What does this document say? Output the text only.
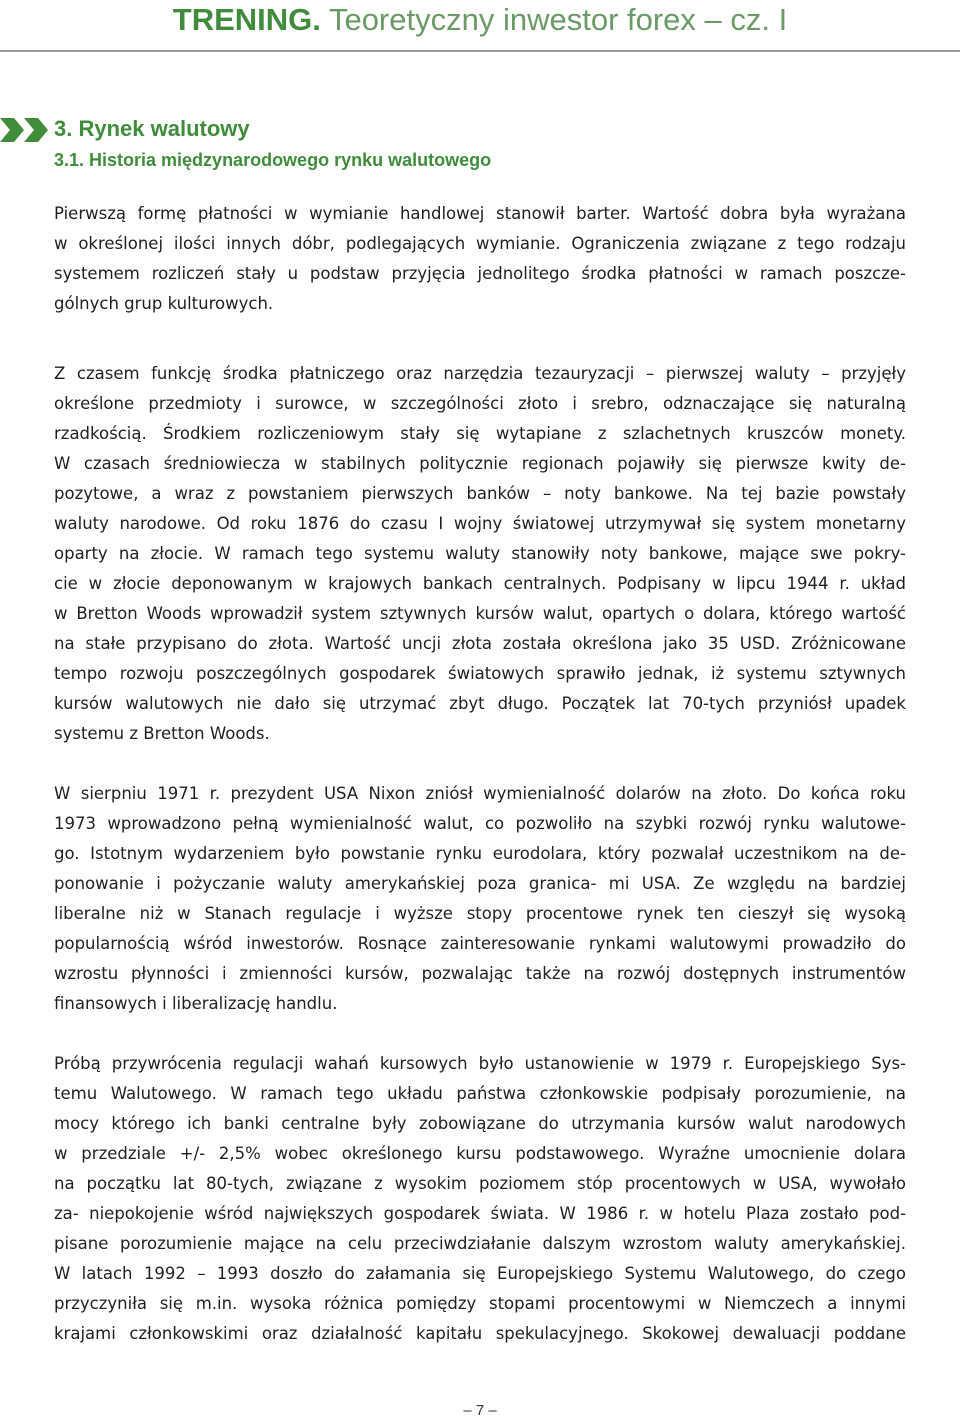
TRENING. Teoretyczny inwestor forex – cz. I
3. Rynek walutowy
3.1. Historia międzynarodowego rynku walutowego
Pierwszą formę płatności w wymianie handlowej stanowił barter. Wartość dobra była wyrażana
w określonej ilości innych dóbr, podlegających wymianie. Ograniczenia związane z tego rodzaju
systemem rozliczeń stały u podstaw przyjęcia jednolitego środka płatności w ramach poszcze-
gólnych grup kulturowych.
Z czasem funkcję środka płatniczego oraz narzędzia tezauryzacji – pierwszej waluty – przyjęły
określone przedmioty i surowce, w szczególności złoto i srebro, odznaczające się naturalną
rzadkością. Środkiem rozliczeniowym stały się wytapiane z szlachetnych kruszców monety.
W czasach średniowiecza w stabilnych politycznie regionach pojawiły się pierwsze kwity de-
pozytowe, a wraz z powstaniem pierwszych banków – noty bankowe. Na tej bazie powstały
waluty narodowe. Od roku 1876 do czasu I wojny światowej utrzymywał się system monetarny
oparty na złocie. W ramach tego systemu waluty stanowiły noty bankowe, mające swe pokry-
cie w złocie deponowanym w krajowych bankach centralnych. Podpisany w lipcu 1944 r. układ
w Bretton Woods wprowadził system sztywnych kursów walut, opartych o dolara, którego wartość
na stałe przypisano do złota. Wartość uncji złota została określona jako 35 USD. Zróżnicowane
tempo rozwoju poszczególnych gospodarek światowych sprawiło jednak, iż systemu sztywnych
kursów walutowych nie dało się utrzymać zbyt długo. Początek lat 70-tych przyniósł upadek
systemu z Bretton Woods.
W sierpniu 1971 r. prezydent USA Nixon zniósł wymienialność dolarów na złoto. Do końca roku
1973 wprowadzono pełną wymienialność walut, co pozwoliło na szybki rozwój rynku walutowe-
go. Istotnym wydarzeniem było powstanie rynku eurodolara, który pozwalał uczestnikom na de-
ponowanie i pożyczanie waluty amerykańskiej poza granica- mi USA. Ze względu na bardziej
liberalne niż w Stanach regulacje i wyższe stopy procentowe rynek ten cieszył się wysoką
popularnością wśród inwestorów. Rosnące zainteresowanie rynkami walutowymi prowadziło do
wzrostu płynności i zmienności kursów, pozwalając także na rozwój dostępnych instrumentów
finansowych i liberalizację handlu.
Próbą przywrócenia regulacji wahań kursowych było ustanowienie w 1979 r. Europejskiego Sys-
temu Walutowego. W ramach tego układu państwa członkowskie podpisały porozumienie, na
mocy którego ich banki centralne były zobowiązane do utrzymania kursów walut narodowych
w przedziale +/- 2,5% wobec określonego kursu podstawowego. Wyraźne umocnienie dolara
na początku lat 80-tych, związane z wysokim poziomem stóp procentowych w USA, wywołało
za- niepokojenie wśród największych gospodarek świata. W 1986 r. w hotelu Plaza zostało pod-
pisane porozumienie mające na celu przeciwdziałanie dalszym wzrostom waluty amerykańskiej.
W latach 1992 – 1993 doszło do załamania się Europejskiego Systemu Walutowego, do czego
przyczyniła się m.in. wysoka różnica pomiędzy stopami procentowymi w Niemczech a innymi
krajami członkowskimi oraz działalność kapitału spekulacyjnego. Skokowej dewaluacji poddane
– 7 –
